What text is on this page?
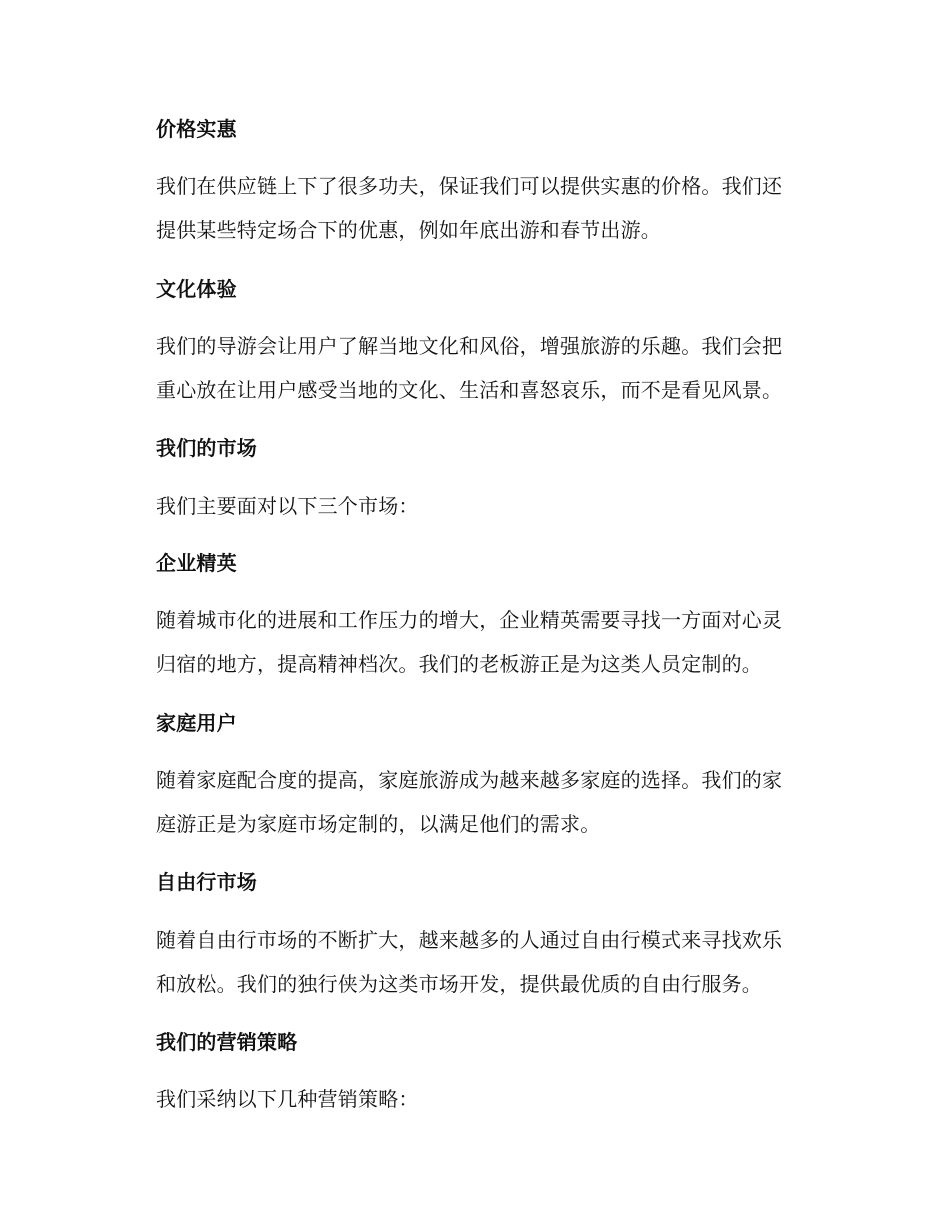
价格实惠

我们在供应链上下了很多功夫，保证我们可以提供实惠的价格。我们还
提供某些特定场合下的优惠，例如年底出游和春节出游。

文化体验

我们的导游会让用户了解当地文化和风俗，增强旅游的乐趣。我们会把
重心放在让用户感受当地的文化、生活和喜怒哀乐，而不是看见风景。

我们的市场

我们主要面对以下三个市场：

企业精英

随着城市化的进展和工作压力的增大，企业精英需要寻找一方面对心灵
归宿的地方，提高精神档次。我们的老板游正是为这类人员定制的。

家庭用户

随着家庭配合度的提高，家庭旅游成为越来越多家庭的选择。我们的家
庭游正是为家庭市场定制的，以满足他们的需求。

自由行市场

随着自由行市场的不断扩大，越来越多的人通过自由行模式来寻找欢乐
和放松。我们的独行侠为这类市场开发，提供最优质的自由行服务。

我们的营销策略

我们采纳以下几种营销策略：
